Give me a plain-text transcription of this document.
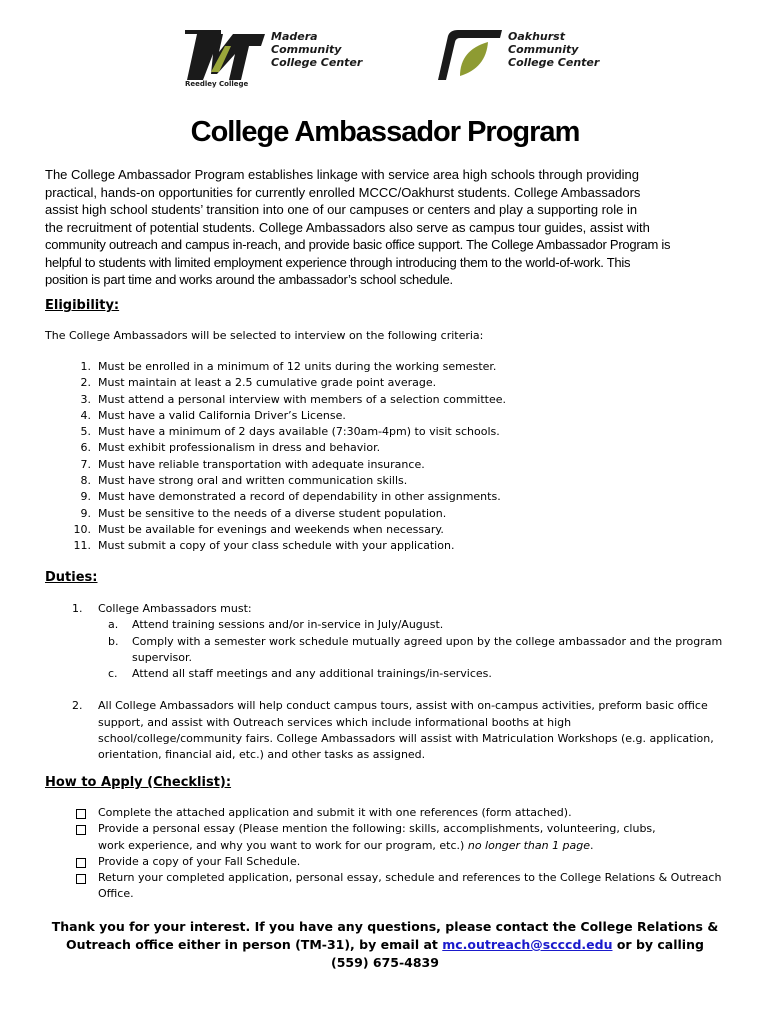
Madera
Community
College Center
Reedley College
Oakhurst
Community
College Center
College Ambassador Program
The College Ambassador Program establishes linkage with service area high schools through providing
practical, hands-on opportunities for currently enrolled MCCC/Oakhurst students. College Ambassadors
assist high school students’ transition into one of our campuses or centers and play a supporting role in
the recruitment of potential students. College Ambassadors also serve as campus tour guides, assist with
community outreach and campus in-reach, and provide basic office support. The College Ambassador Program is
helpful to students with limited employment experience through introducing them to the world-of-work. This
position is part time and works around the ambassador’s school schedule.
Eligibility:
The College Ambassadors will be selected to interview on the following criteria:
1. Must be enrolled in a minimum of 12 units during the working semester.
2. Must maintain at least a 2.5 cumulative grade point average.
3. Must attend a personal interview with members of a selection committee.
4. Must have a valid California Driver’s License.
5. Must have a minimum of 2 days available (7:30am-4pm) to visit schools.
6. Must exhibit professionalism in dress and behavior.
7. Must have reliable transportation with adequate insurance.
8. Must have strong oral and written communication skills.
9. Must have demonstrated a record of dependability in other assignments.
9. Must be sensitive to the needs of a diverse student population.
10. Must be available for evenings and weekends when necessary.
11. Must submit a copy of your class schedule with your application.
Duties:
1.	College Ambassadors must:
a. Attend training sessions and/or in-service in July/August.
b. Comply with a semester work schedule mutually agreed upon by the college ambassador and the program
supervisor.
c. Attend all staff meetings and any additional trainings/in-services.
2. All College Ambassadors will help conduct campus tours, assist with on-campus activities, preform basic office
support, and assist with Outreach services which include informational booths at high
school/college/community fairs. College Ambassadors will assist with Matriculation Workshops (e.g. application,
orientation, financial aid, etc.) and other tasks as assigned.
How to Apply (Checklist):
Complete the attached application and submit it with one references (form attached).
Provide a personal essay (Please mention the following: skills, accomplishments, volunteering, clubs,
work experience, and why you want to work for our program, etc.) no longer than 1 page.
Provide a copy of your Fall Schedule.
Return your completed application, personal essay, schedule and references to the College Relations & Outreach
Office.
Thank you for your interest. If you have any questions, please contact the College Relations &
Outreach office either in person (TM-31), by email at mc.outreach@scccd.edu or by calling
(559) 675-4839
